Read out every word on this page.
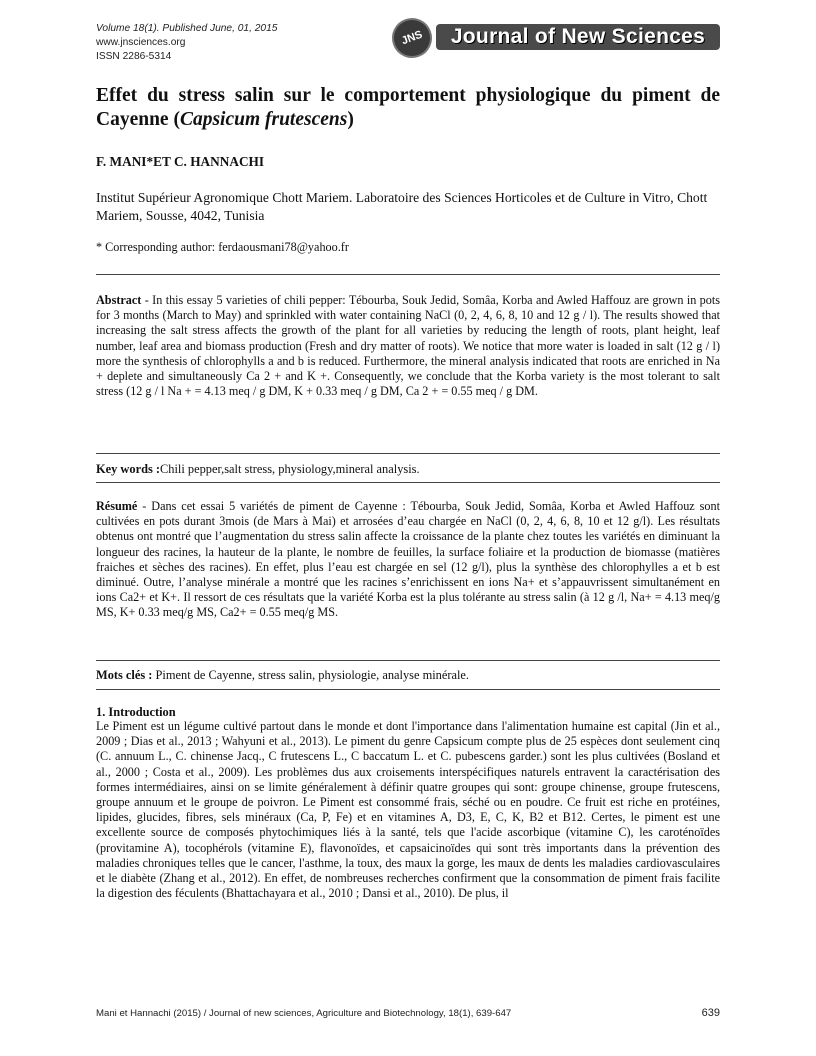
Volume 18(1). Published June, 01, 2015
www.jnsciences.org
ISSN 2286-5314
JNS	Journal of New Sciences
Effet du stress salin sur le comportement physiologique du piment de Cayenne (Capsicum frutescens)
F. MANI*ET C. HANNACHI
Institut Supérieur Agronomique Chott Mariem. Laboratoire des Sciences Horticoles et de Culture in Vitro, Chott Mariem, Sousse, 4042, Tunisia
* Corresponding author: ferdaousmani78@yahoo.fr
Abstract - In this essay 5 varieties of chili pepper: Tébourba, Souk Jedid, Somâa, Korba and Awled Haffouz are grown in pots for 3 months (March to May) and sprinkled with water containing NaCl (0, 2, 4, 6, 8, 10 and 12 g / l). The results showed that increasing the salt stress affects the growth of the plant for all varieties by reducing the length of roots, plant height, leaf number, leaf area and biomass production (Fresh and dry matter of roots). We notice that more water is loaded in salt (12 g / l) more the synthesis of chlorophylls a and b is reduced. Furthermore, the mineral analysis indicated that roots are enriched in Na + deplete and simultaneously Ca 2 + and K +. Consequently, we conclude that the Korba variety is the most tolerant to salt stress (12 g / l Na + = 4.13 meq / g DM, K + 0.33 meq / g DM, Ca 2 + = 0.55 meq / g DM.
Key words :Chili pepper,salt stress, physiology,mineral analysis.
Résumé - Dans cet essai 5 variétés de piment de Cayenne : Tébourba, Souk Jedid, Somâa, Korba et Awled Haffouz sont cultivées en pots durant 3mois (de Mars à Mai) et arrosées d’eau chargée en NaCl (0, 2, 4, 6, 8, 10 et 12 g/l). Les résultats obtenus ont montré que l’augmentation du stress salin affecte la croissance de la plante chez toutes les variétés en diminuant la longueur des racines, la hauteur de la plante, le nombre de feuilles, la surface foliaire et la production de biomasse (matières fraiches et sèches des racines). En effet, plus l’eau est chargée en sel (12 g/l), plus la synthèse des chlorophylles a et b est diminué. Outre, l’analyse minérale a montré que les racines s’enrichissent en ions Na+ et s’appauvrissent simultanément en ions Ca2+ et K+. Il ressort de ces résultats que la variété Korba est la plus tolérante au stress salin (à 12 g /l, Na+ = 4.13 meq/g MS, K+ 0.33 meq/g MS, Ca2+ = 0.55 meq/g MS.
Mots clés : Piment de Cayenne, stress salin, physiologie, analyse minérale.
1. Introduction
Le Piment est un légume cultivé partout dans le monde et dont l'importance dans l'alimentation humaine est capital (Jin et al., 2009 ; Dias et al., 2013 ; Wahyuni et al., 2013). Le piment du genre Capsicum compte plus de 25 espèces dont seulement cinq (C. annuum L., C. chinense Jacq., C frutescens L., C baccatum L. et C. pubescens garder.) sont les plus cultivées (Bosland et al., 2000 ; Costa et al., 2009). Les problèmes dus aux croisements interspécifiques naturels entravent la caractérisation des formes intermédiaires, ainsi on se limite généralement à définir quatre groupes qui sont: groupe chinense, groupe frutescens, groupe annuum et le groupe de poivron. Le Piment est consommé frais, séché ou en poudre. Ce fruit est riche en protéines, lipides, glucides, fibres, sels minéraux (Ca, P, Fe) et en vitamines A, D3, E, C, K, B2 et B12. Certes, le piment est une excellente source de composés phytochimiques liés à la santé, tels que l'acide ascorbique (vitamine C), les caroténoïdes (provitamine A), tocophérols (vitamine E), flavonoïdes, et capsaicinoïdes qui sont très importants dans la prévention des maladies chroniques telles que le cancer, l'asthme, la toux, des maux la gorge, les maux de dents les maladies cardiovasculaires et le diabète (Zhang et al., 2012). En effet, de nombreuses recherches confirment que la consommation de piment frais facilite la digestion des féculents (Bhattachayara et al., 2010 ; Dansi et al., 2010). De plus, il
Mani et Hannachi (2015) / Journal of new sciences, Agriculture and Biotechnology, 18(1), 639-647	639
